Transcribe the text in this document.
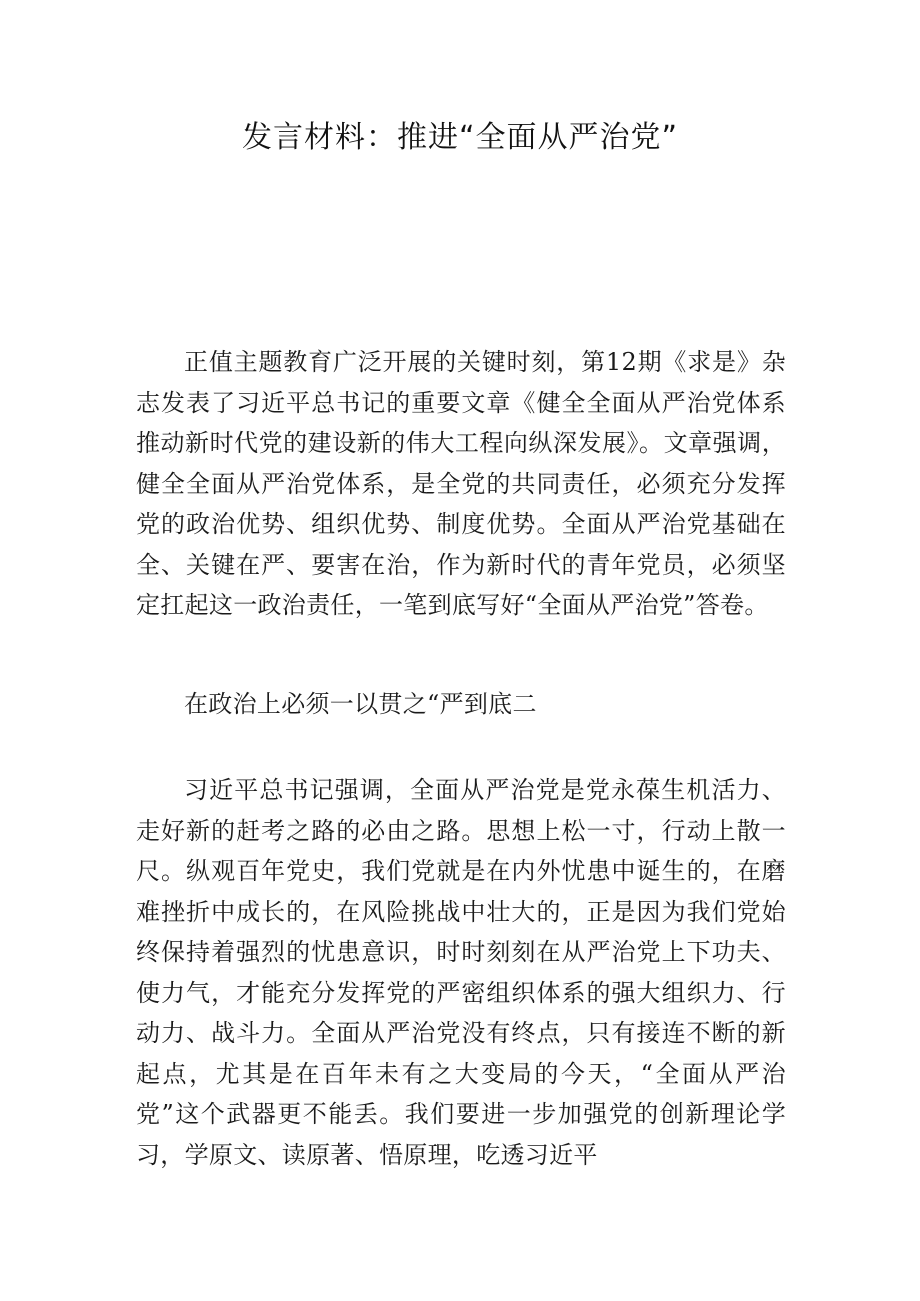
发言材料：推进“全面从严治党”

正值主题教育广泛开展的关键时刻，第12期《求是》杂志发表了习近平总书记的重要文章《健全全面从严治党体系推动新时代党的建设新的伟大工程向纵深发展》。文章强调，健全全面从严治党体系，是全党的共同责任，必须充分发挥党的政治优势、组织优势、制度优势。全面从严治党基础在全、关键在严、要害在治，作为新时代的青年党员，必须坚定扛起这一政治责任，一笔到底写好“全面从严治党”答卷。

在政治上必须一以贯之“严到底二

习近平总书记强调，全面从严治党是党永葆生机活力、走好新的赶考之路的必由之路。思想上松一寸，行动上散一尺。纵观百年党史，我们党就是在内外忧患中诞生的，在磨难挫折中成长的，在风险挑战中壮大的，正是因为我们党始终保持着强烈的忧患意识，时时刻刻在从严治党上下功夫、使力气，才能充分发挥党的严密组织体系的强大组织力、行动力、战斗力。全面从严治党没有终点，只有接连不断的新起点，尤其是在百年未有之大变局的今天，“全面从严治党”这个武器更不能丢。我们要进一步加强党的创新理论学习，学原文、读原著、悟原理，吃透习近平
